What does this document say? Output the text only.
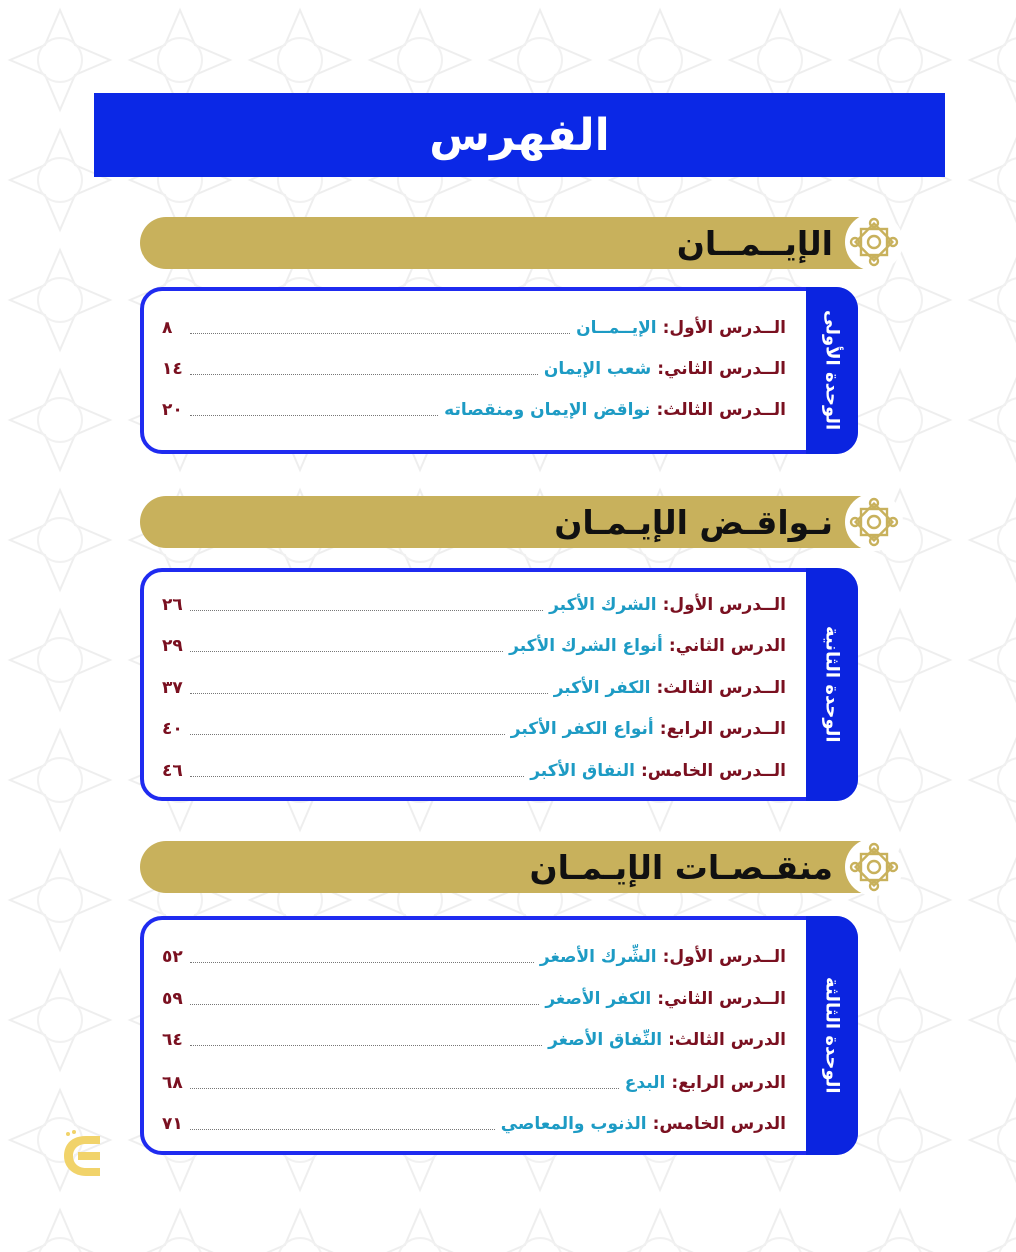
الفهرس
الإيــمــان
الوحدة الأولى
الــدرس الأول
:
الإيــمــان
٨
الــدرس الثاني
:
شعب الإيمان
١٤
الــدرس الثالث
:
نواقض الإيمان ومنقصاته
٢٠
نـواقـض الإيـمـان
الوحدة الثانية
الــدرس الأول
:
الشرك الأكبر
٢٦
الدرس الثاني
:
أنواع الشرك الأكبر
٢٩
الــدرس الثالث
:
الكفر الأكبر
٣٧
الــدرس الرابع
:
أنواع الكفر الأكبر
٤٠
الــدرس الخامس
:
النفاق الأكبر
٤٦
منقـصـات الإيـمـان
الوحدة الثالثة
الــدرس الأول
:
الشِّرك الأصغر
٥٢
الــدرس الثاني
:
الكفر الأصغر
٥٩
الدرس الثالث
:
النِّفاق الأصغر
٦٤
الدرس الرابع
:
البدع
٦٨
الدرس الخامس
:
الذنوب والمعاصي
٧١
